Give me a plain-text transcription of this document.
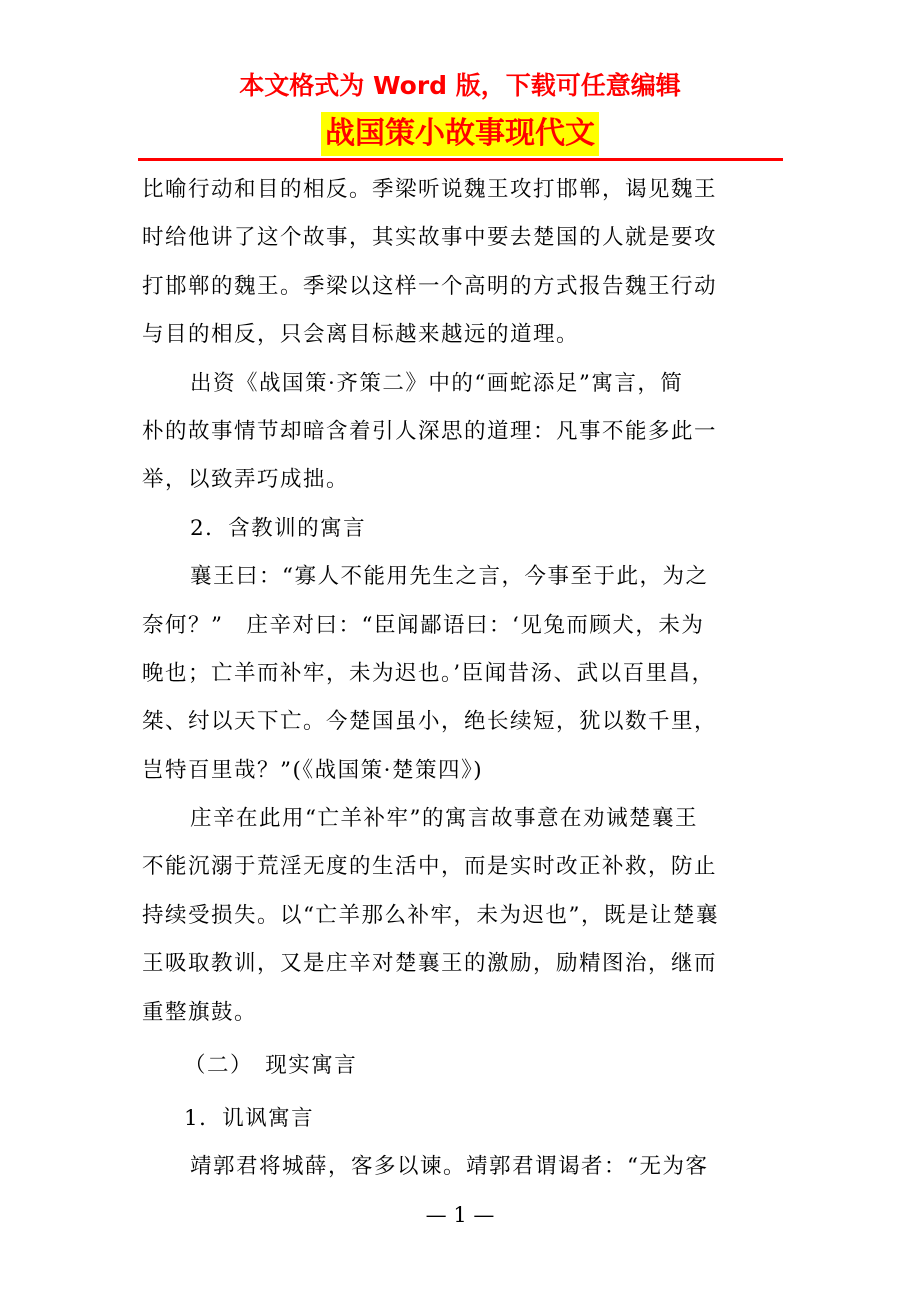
本文格式为 Word 版，下载可任意编辑
战国策小故事现代文
比喻行动和目的相反。季梁听说魏王攻打邯郸，谒见魏王
时给他讲了这个故事，其实故事中要去楚国的人就是要攻
打邯郸的魏王。季梁以这样一个高明的方式报告魏王行动
与目的相反，只会离目标越来越远的道理。
出资《战国策·齐策二》中的“画蛇添足”寓言，简
朴的故事情节却暗含着引人深思的道理：凡事不能多此一
举，以致弄巧成拙。
2．含教训的寓言
襄王曰：“寡人不能用先生之言，今事至于此，为之
奈何？”　庄辛对曰：“臣闻鄙语曰：‘见兔而顾犬，未为
晚也；亡羊而补牢，未为迟也。’臣闻昔汤、武以百里昌，
桀、纣以天下亡。今楚国虽小，绝长续短，犹以数千里，
岂特百里哉？”(《战国策·楚策四》)
庄辛在此用“亡羊补牢”的寓言故事意在劝诫楚襄王
不能沉溺于荒淫无度的生活中，而是实时改正补救，防止
持续受损失。以“亡羊那么补牢，未为迟也”，既是让楚襄
王吸取教训，又是庄辛对楚襄王的激励，励精图治，继而
重整旗鼓。
（二）　现实寓言
1．讥讽寓言
靖郭君将城薛，客多以谏。靖郭君谓谒者：“无为客
— 1 —
